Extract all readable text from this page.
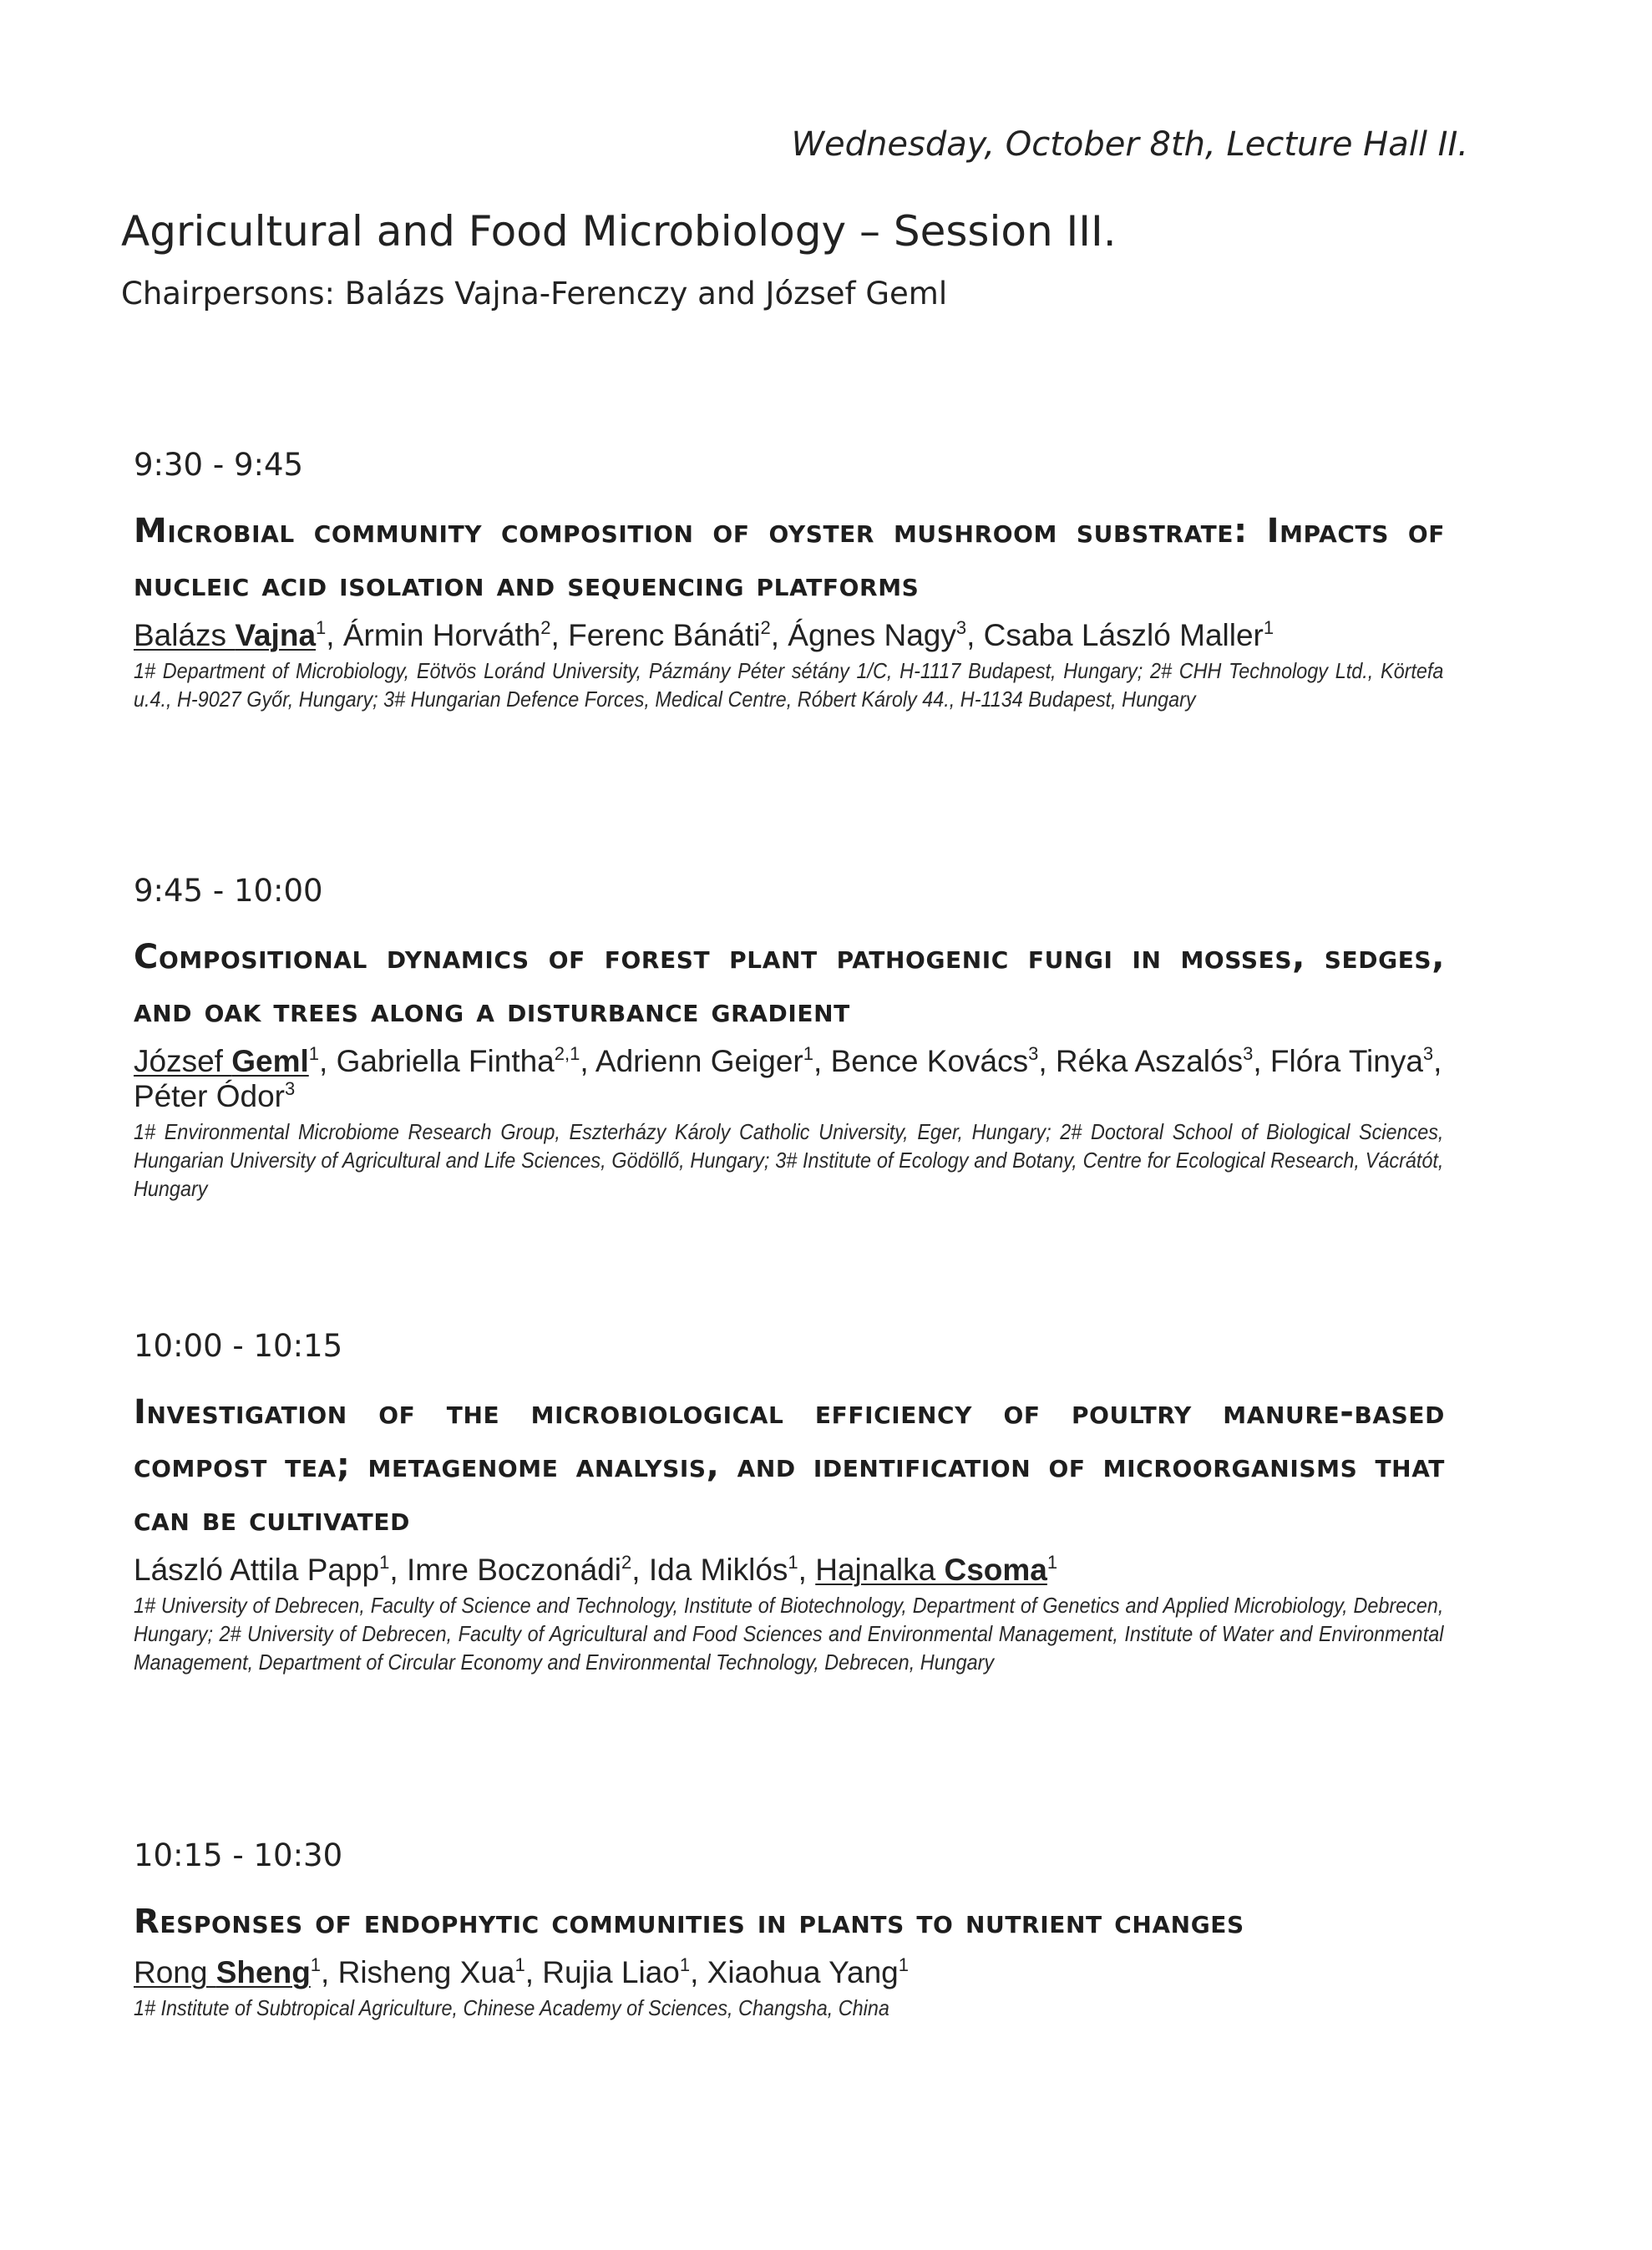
Wednesday, October 8th, Lecture Hall II.
Agricultural and Food Microbiology – Session III.
Chairpersons: Balázs Vajna-Ferenczy and József Geml
9:30 - 9:45
Microbial community composition of oyster mushroom substrate: Impacts of nucleic acid isolation and sequencing platforms
Balázs Vajna$^1$, Ármin Horváth$^2$, Ferenc Bánáti$^2$, Ágnes Nagy$^3$, Csaba László Maller$^1$
1# Department of Microbiology, Eötvös Loránd University, Pázmány Péter sétány 1/C, H-1117 Budapest, Hungary; 2# CHH Technology Ltd., Körtefa u.4., H-9027 Győr, Hungary; 3# Hungarian Defence Forces, Medical Centre, Róbert Károly 44., H-1134 Budapest, Hungary
9:45 - 10:00
Compositional dynamics of forest plant pathogenic fungi in mosses, sedges, and oak trees along a disturbance gradient
József Geml$^1$, Gabriella Fintha$^{2,1}$, Adrienn Geiger$^1$, Bence Kovács$^3$, Réka Aszalós$^3$, Flóra Tinya$^3$, Péter Ódor$^3$
1# Environmental Microbiome Research Group, Eszterházy Károly Catholic University, Eger, Hungary; 2# Doctoral School of Biological Sciences, Hungarian University of Agricultural and Life Sciences, Gödöllő, Hungary; 3# Institute of Ecology and Botany, Centre for Ecological Research, Vácrátót, Hungary
10:00 - 10:15
Investigation of the microbiological efficiency of poultry manure-based compost tea; metagenome analysis, and identification of microorganisms that can be cultivated
László Attila Papp$^1$, Imre Boczonádi$^2$, Ida Miklós$^1$, Hajnalka Csoma$^1$
1# University of Debrecen, Faculty of Science and Technology, Institute of Biotechnology, Department of Genetics and Applied Microbiology, Debrecen, Hungary; 2# University of Debrecen, Faculty of Agricultural and Food Sciences and Environmental Management, Institute of Water and Environmental Management, Department of Circular Economy and Environmental Technology, Debrecen, Hungary
10:15 - 10:30
Responses of endophytic communities in plants to nutrient changes
Rong Sheng$^1$, Risheng Xua$^1$, Rujia Liao$^1$, Xiaohua Yang$^1$
1# Institute of Subtropical Agriculture, Chinese Academy of Sciences, Changsha, China
